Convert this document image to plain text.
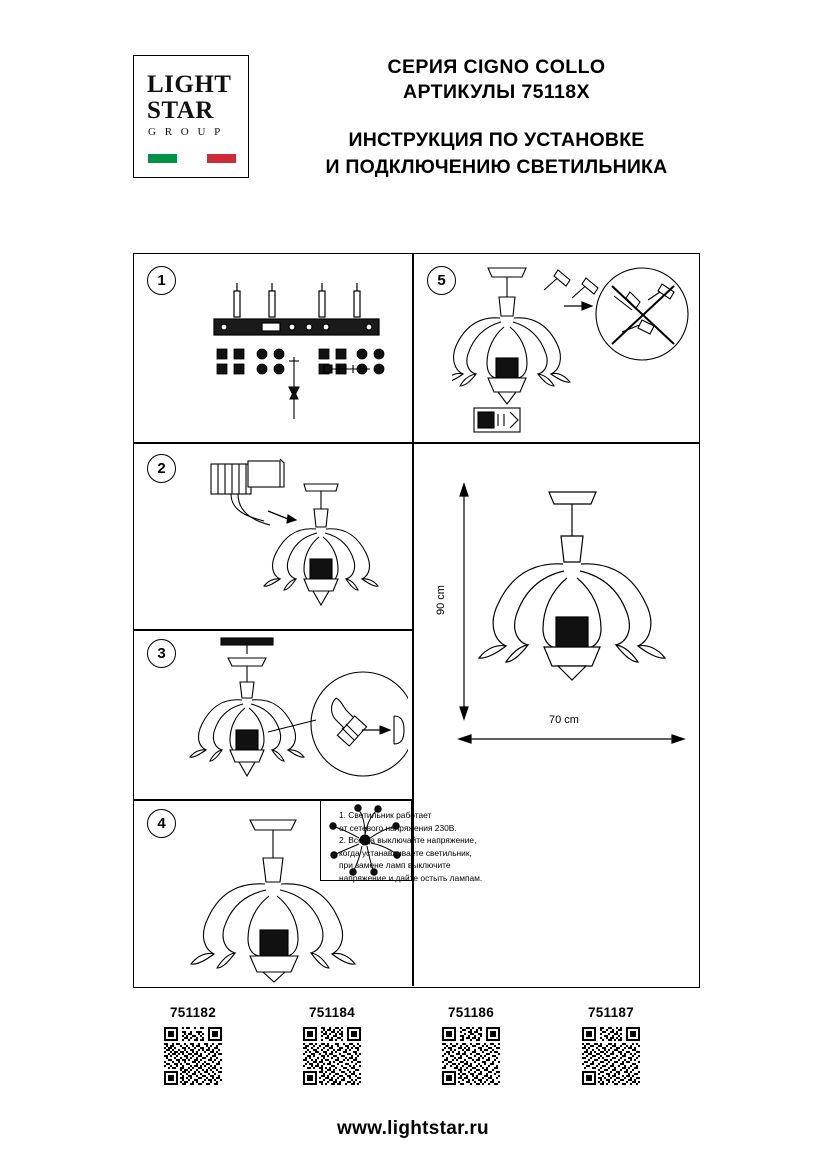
LIGHT
STAR
G R O U P
СЕРИЯ CIGNO COLLO
АРТИКУЛЫ 75118X
ИНСТРУКЦИЯ ПО УСТАНОВКЕ
И ПОДКЛЮЧЕНИЮ СВЕТИЛЬНИКА
1
2
3
4
5
90 cm
70 cm
1. Светильник работает
от сетевого напряжения 230В.
2. Всегда выключайте напряжение,
когда устанавливаете светильник,
при замене ламп выключите
напряжение и дайте остыть лампам.
751182	751184	751186	751187
www.lightstar.ru
